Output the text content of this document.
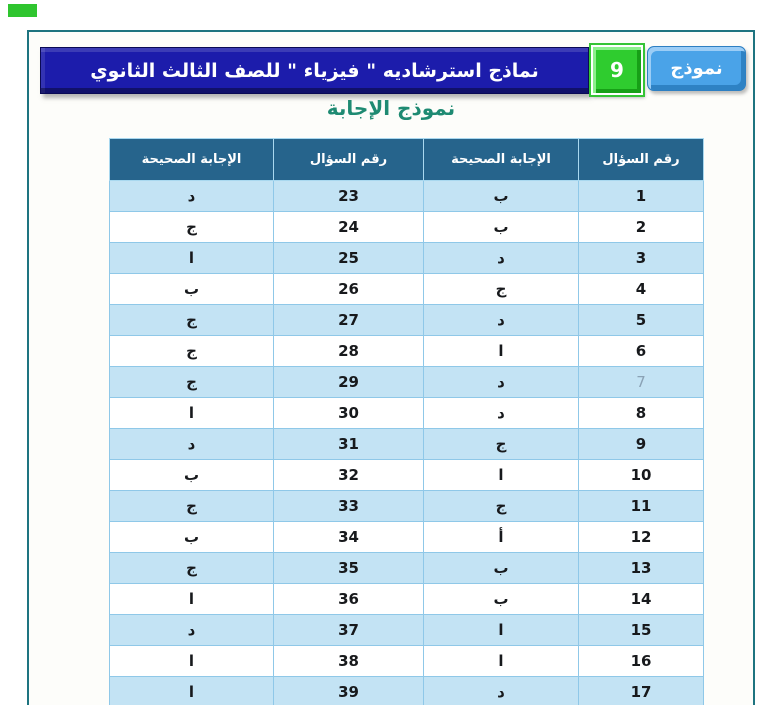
نماذج استرشاديه " فيزياء " للصف الثالث الثانوي	9	نموذج
نموذج الإجابة
رقم السؤال	الإجابة الصحيحة	رقم السؤال	الإجابة الصحيحة
1	ب	23	د
2	ب	24	ج
3	د	25	ا
4	ج	26	ب
5	د	27	ج
6	ا	28	ج
7	د	29	ج
8	د	30	ا
9	ج	31	د
10	ا	32	ب
11	ج	33	ج
12	أ	34	ب
13	ب	35	ج
14	ب	36	ا
15	ا	37	د
16	ا	38	ا
17	د	39	ا
